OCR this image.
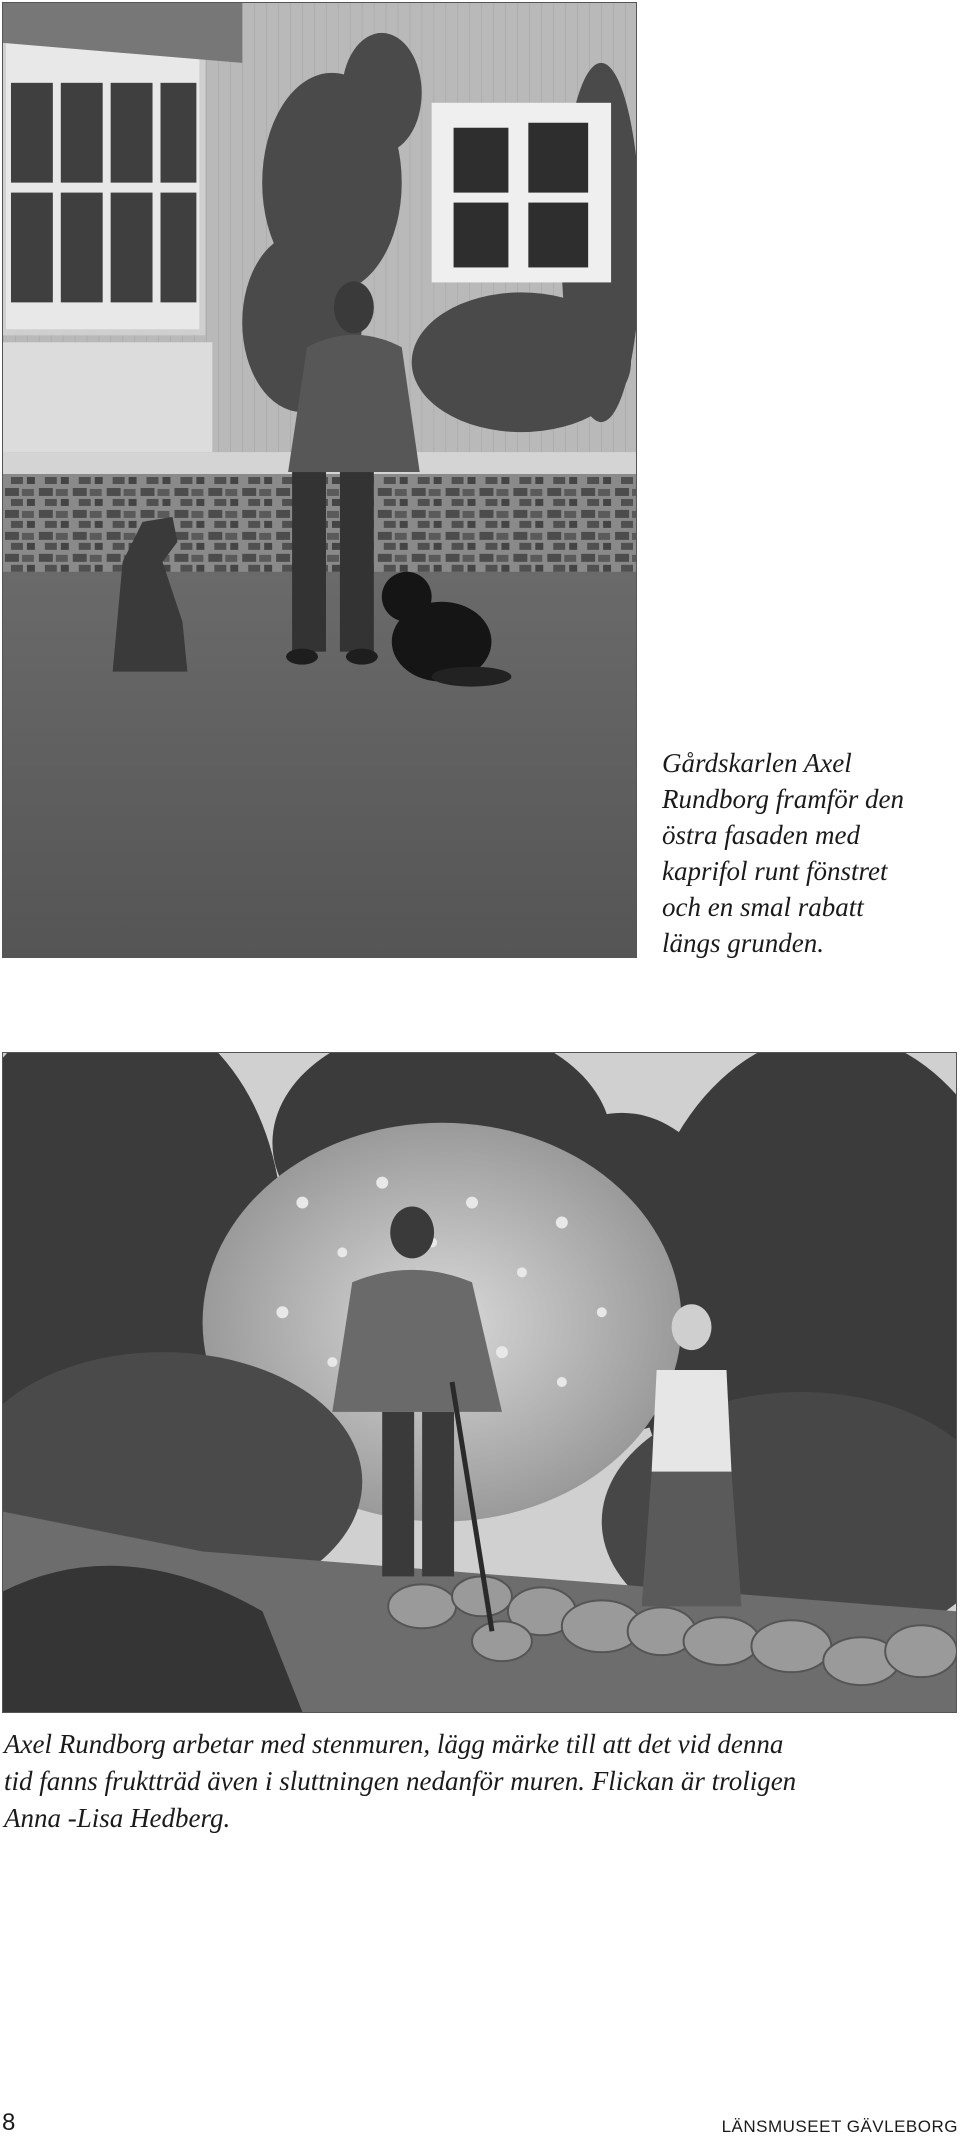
Gårdskarlen Axel
Rundborg framför den
östra fasaden med
kaprifol runt fönstret
och en smal rabatt
längs grunden.
Axel Rundborg arbetar med stenmuren, lägg märke till att det vid denna
tid fanns fruktträd även i sluttningen nedanför muren. Flickan är troligen
Anna -Lisa Hedberg.
8	LÄNSMUSEET GÄVLEBORG
